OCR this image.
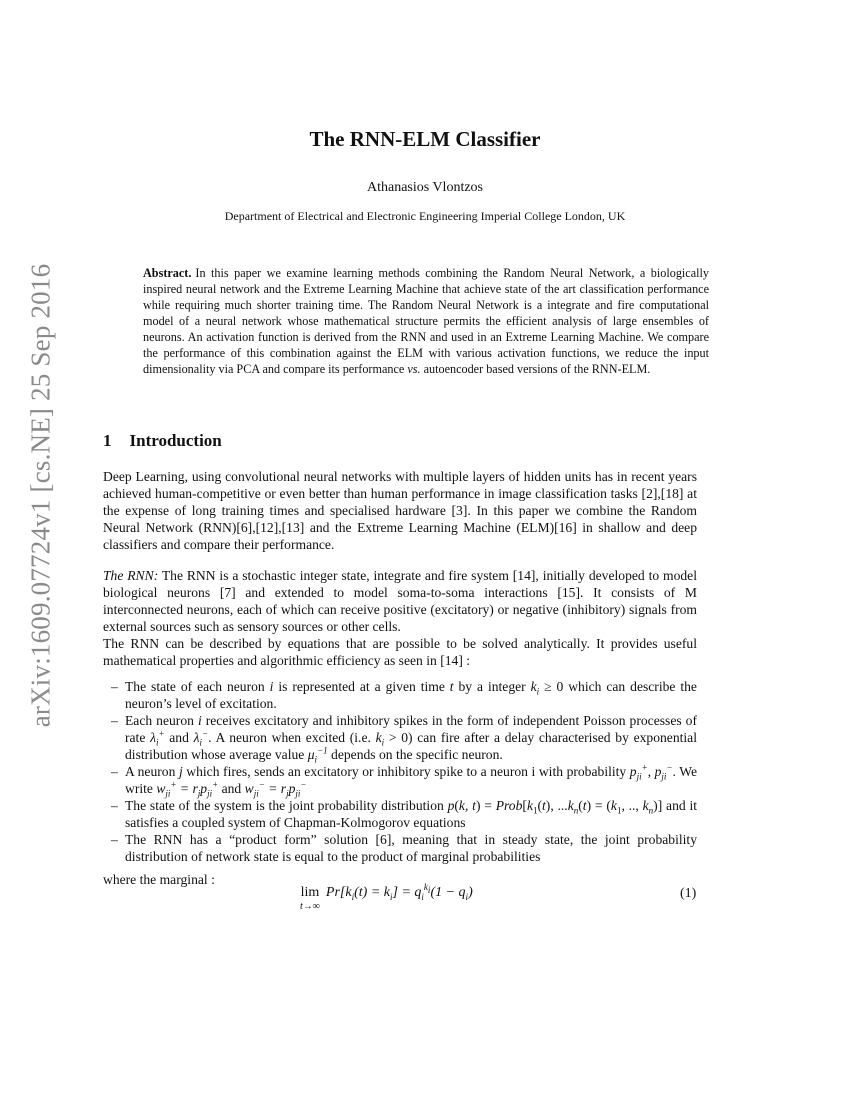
arXiv:1609.07724v1 [cs.NE] 25 Sep 2016
The RNN-ELM Classifier
Athanasios Vlontzos
Department of Electrical and Electronic Engineering Imperial College London, UK
Abstract. In this paper we examine learning methods combining the Random Neural Network, a biologically inspired neural network and the Extreme Learning Machine that achieve state of the art classification performance while requiring much shorter training time. The Random Neural Network is a integrate and fire computational model of a neural network whose mathematical structure permits the efficient analysis of large ensembles of neurons. An activation function is derived from the RNN and used in an Extreme Learning Machine. We compare the performance of this combination against the ELM with various activation functions, we reduce the input dimensionality via PCA and compare its performance vs. autoencoder based versions of the RNN-ELM.
1 Introduction

Deep Learning, using convolutional neural networks with multiple layers of hidden units has in recent years achieved human-competitive or even better than human performance in image classification tasks [2],[18] at the expense of long training times and specialised hardware [3]. In this paper we combine the Random Neural Network (RNN)[6],[12],[13] and the Extreme Learning Machine (ELM)[16] in shallow and deep classifiers and compare their performance.

The RNN: The RNN is a stochastic integer state, integrate and fire system [14], initially developed to model biological neurons [7] and extended to model soma-to-soma interactions [15]. It consists of M interconnected neurons, each of which can receive positive (excitatory) or negative (inhibitory) signals from external sources such as sensory sources or other cells.

The RNN can be described by equations that are possible to be solved analytically. It provides useful mathematical properties and algorithmic efficiency as seen in [14] :

– The state of each neuron i is represented at a given time t by a integer $k_i \ge 0$ which can describe the neuron’s level of excitation.
– Each neuron i receives excitatory and inhibitory spikes in the form of independent Poisson processes of rate $\lambda_i^+$ and $\lambda_i^-$. A neuron when excited (i.e. $k_i > 0$) can fire after a delay characterised by exponential distribution whose average value $\mu_i^{-1}$ depends on the specific neuron.
– A neuron j which fires, sends an excitatory or inhibitory spike to a neuron i with probability $p_{ji}^+$, $p_{ji}^-$. We write $w_{ji}^+ = r_jp_{ji}^+$ and $w_{ji}^- = r_jp_{ji}^-$
– The state of the system is the joint probability distribution p(k, $t) = Prob[k_1(t)$, $...k_n(t) = (k_1$, .., $k_n$)] and it satisfies a coupled system of Chapman-Kolmogorov equations
– The RNN has a “product form” solution [6], meaning that in steady state, the joint probability distribution of network state is equal to the product of marginal probabilities
where the marginal :
lim
t→∞
$Pr[k_i(t) = k_i] = q_i^{k_i}(1 - q_i)$	(1)
